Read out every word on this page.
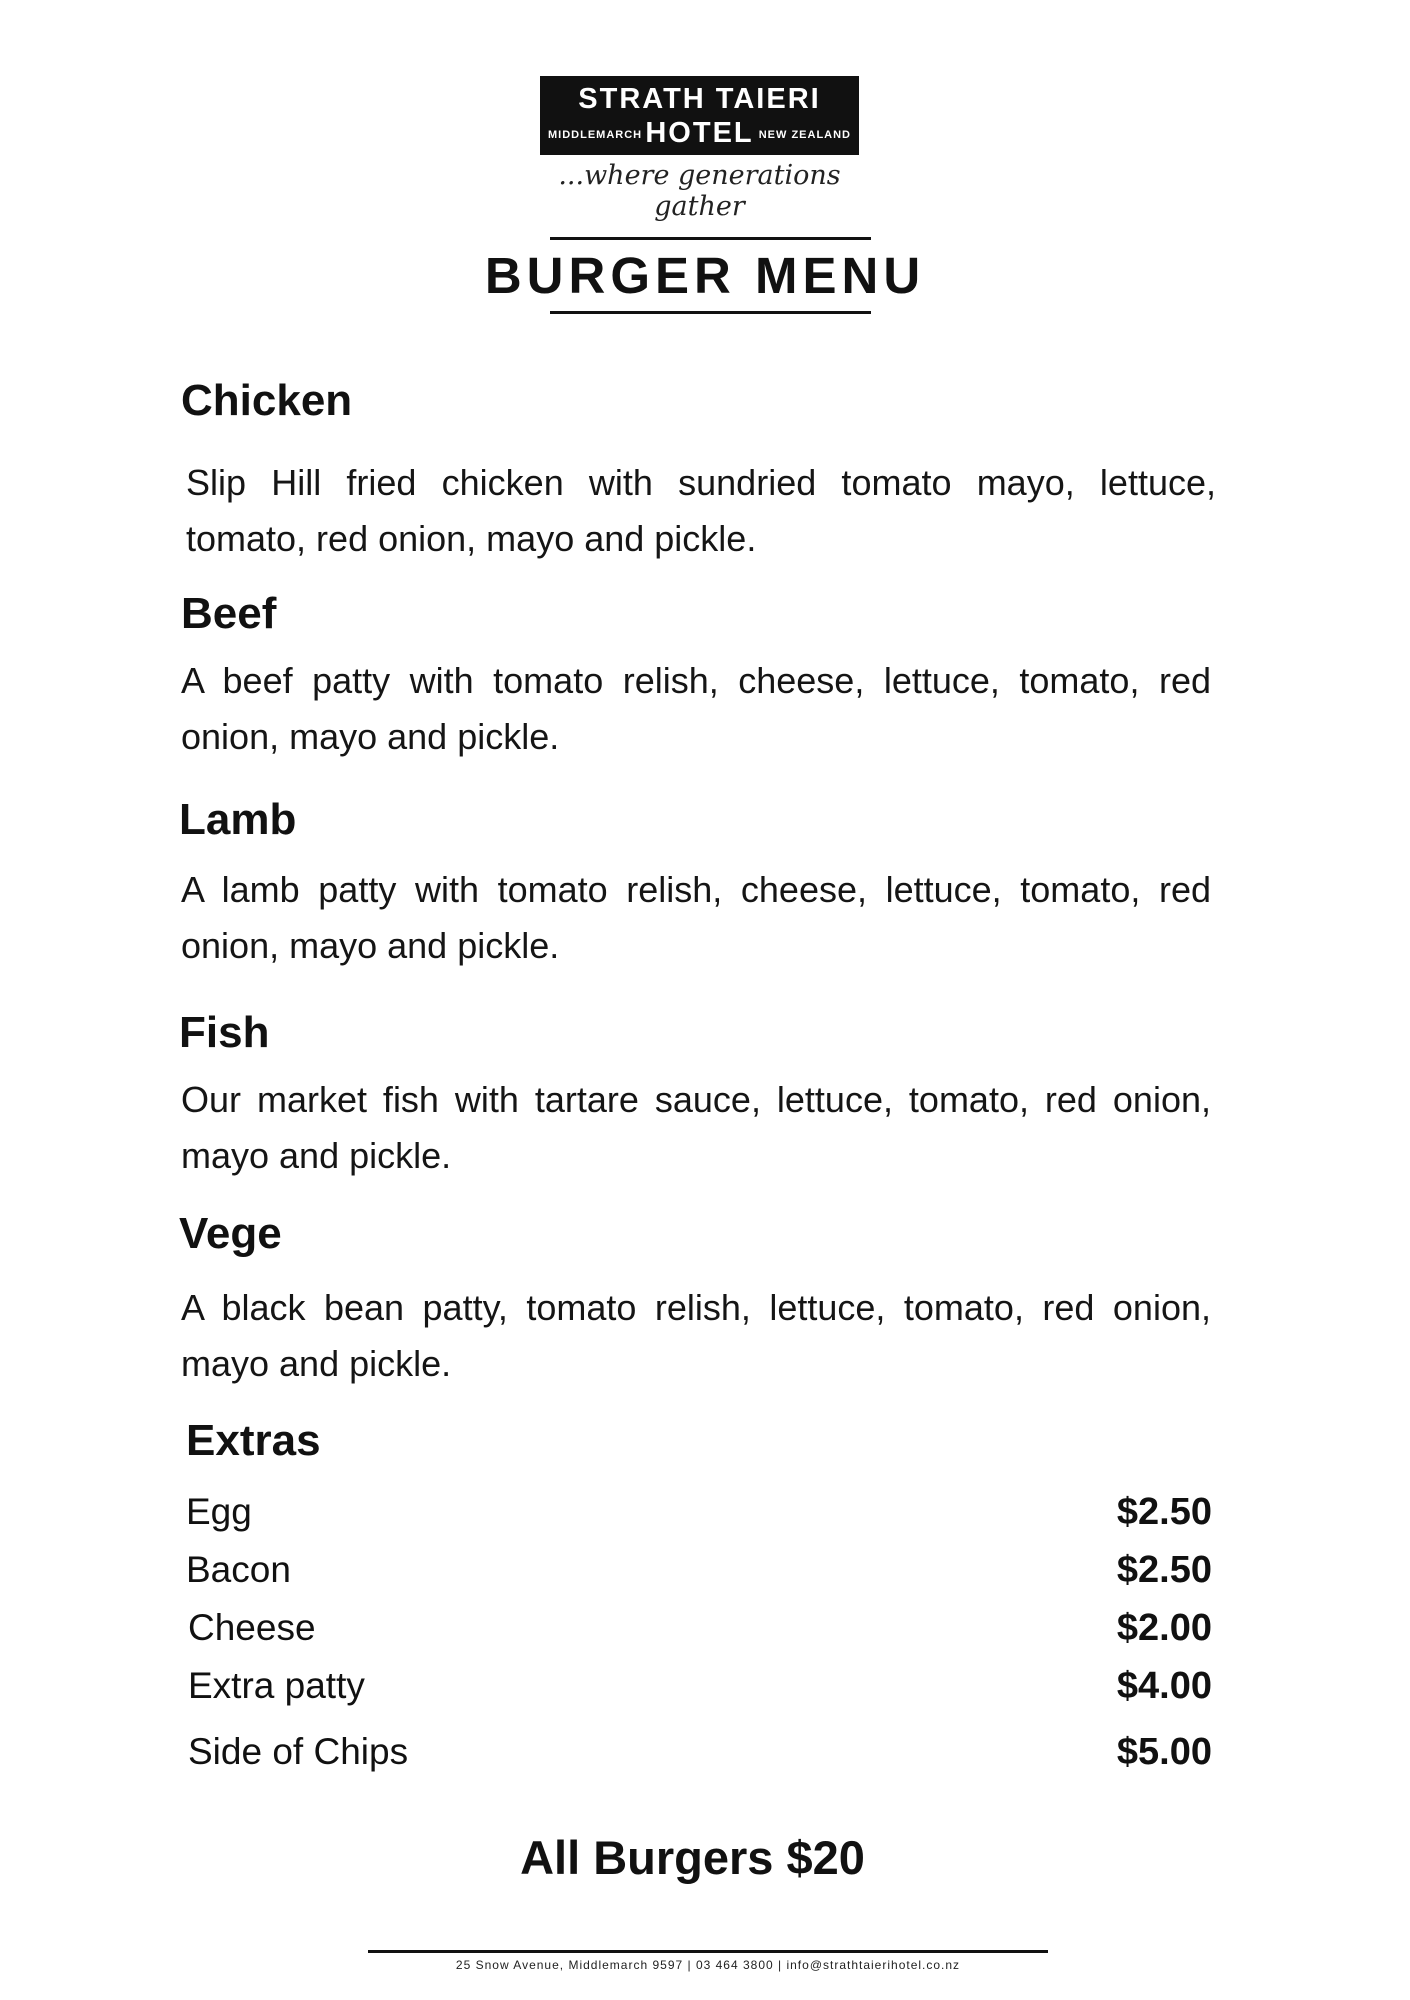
STRATH TAIERI
MIDDLEMARCH HOTEL NEW ZEALAND
...where generations gather
BURGER MENU
Chicken
Slip Hill fried chicken with sundried tomato mayo, lettuce, tomato, red onion, mayo and pickle.
Beef
A beef patty with tomato relish, cheese, lettuce, tomato, red onion, mayo and pickle.
Lamb
A lamb patty with tomato relish, cheese, lettuce, tomato, red onion, mayo and pickle.
Fish
Our market fish with tartare sauce, lettuce, tomato, red onion, mayo and pickle.
Vege
A black bean patty, tomato relish, lettuce, tomato, red onion, mayo and pickle.
Extras
Egg	$2.50
Bacon	$2.50
Cheese	$2.00
Extra patty	$4.00
Side of Chips	$5.00
All Burgers $20
25 Snow Avenue, Middlemarch 9597 | 03 464 3800 | info@strathtaierihotel.co.nz
